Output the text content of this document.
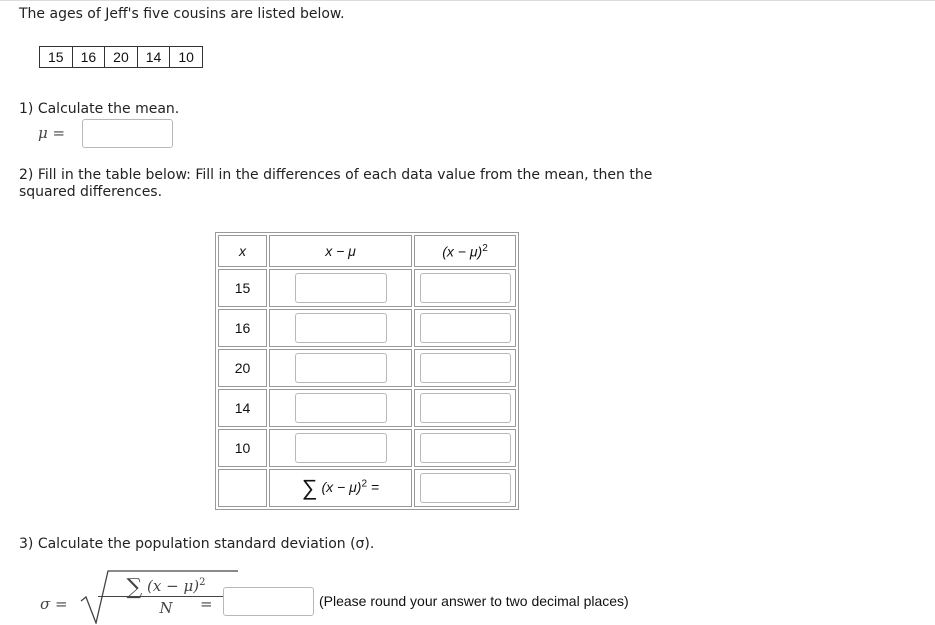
The ages of Jeff's five cousins are listed below.
15	16	20	14	10
1) Calculate the mean.
μ =
2) Fill in the table below: Fill in the differences of each data value from the mean, then the squared differences.
x	x − μ	$(x - \mu)^2$
15	

16	

20	

14	

10	

	∑ $(x - \mu)^2$ =	
3) Calculate the population standard deviation (σ).
σ =
∑ $(x - \mu)^2$
N	=	(Please round your answer to two decimal places)
